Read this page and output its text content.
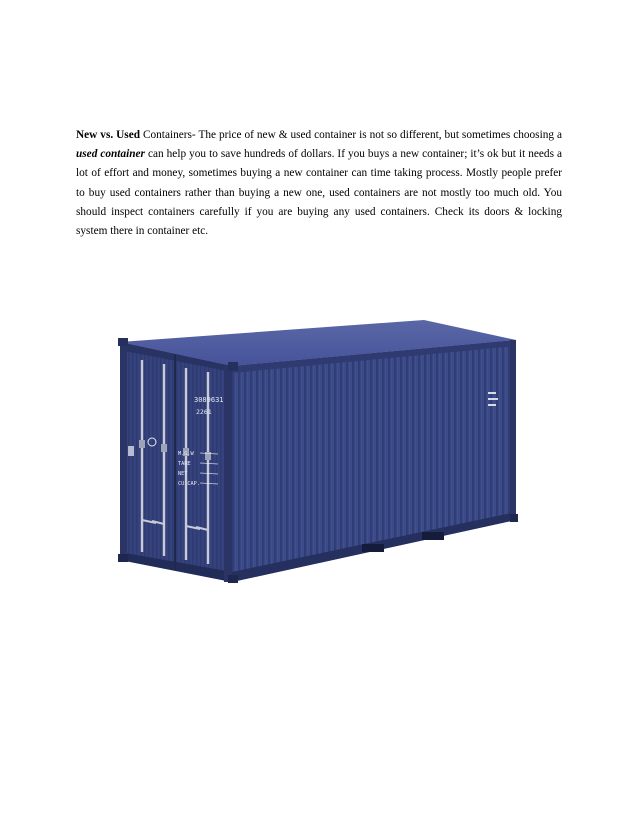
New vs. Used Containers- The price of new & used container is not so different, but sometimes choosing a used container can help you to save hundreds of dollars. If you buys a new container; it’s ok but it needs a lot of effort and money, sometimes buying a new container can time taking process. Mostly people prefer to buy used containers rather than buying a new one, used containers are not mostly too much old. You should inspect containers carefully if you are buying any used containers. Check its doors & locking system there in container etc.

3089631
2261
M.G.W
TARE
NET
CU.CAP.
